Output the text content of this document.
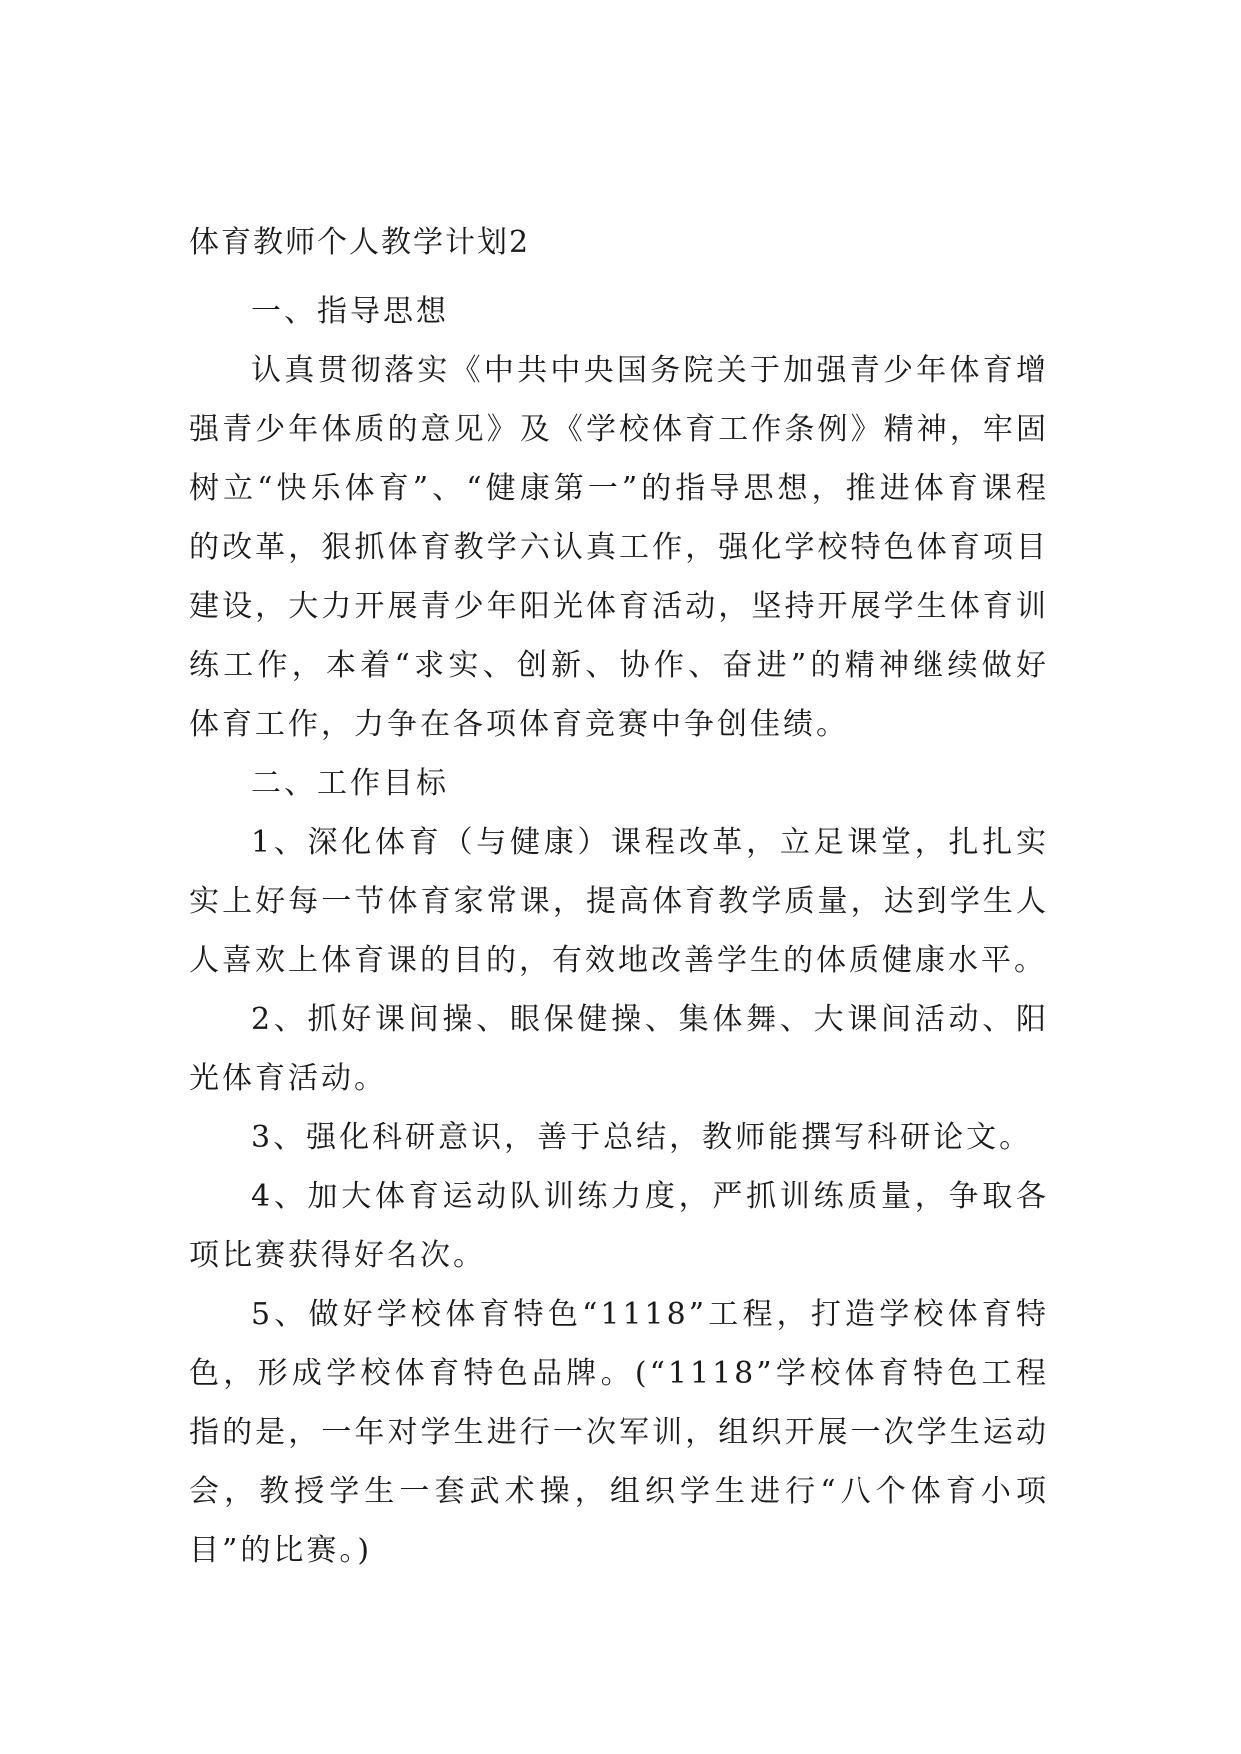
体育教师个人教学计划2

一、指导思想

认真贯彻落实《中共中央国务院关于加强青少年体育增强青少年体质的意见》及《学校体育工作条例》精神，牢固树立“快乐体育”、“健康第一”的指导思想，推进体育课程的改革，狠抓体育教学六认真工作，强化学校特色体育项目建设，大力开展青少年阳光体育活动，坚持开展学生体育训练工作，本着“求实、创新、协作、奋进”的精神继续做好体育工作，力争在各项体育竞赛中争创佳绩。

二、工作目标

1、深化体育（与健康）课程改革，立足课堂，扎扎实实上好每一节体育家常课，提高体育教学质量，达到学生人人喜欢上体育课的目的，有效地改善学生的体质健康水平。

2、抓好课间操、眼保健操、集体舞、大课间活动、阳光体育活动。

3、强化科研意识，善于总结，教师能撰写科研论文。

4、加大体育运动队训练力度，严抓训练质量，争取各项比赛获得好名次。

5、做好学校体育特色“1118”工程，打造学校体育特色，形成学校体育特色品牌。(“1118”学校体育特色工程指的是，一年对学生进行一次军训，组织开展一次学生运动会，教授学生一套武术操，组织学生进行“八个体育小项目”的比赛。)
